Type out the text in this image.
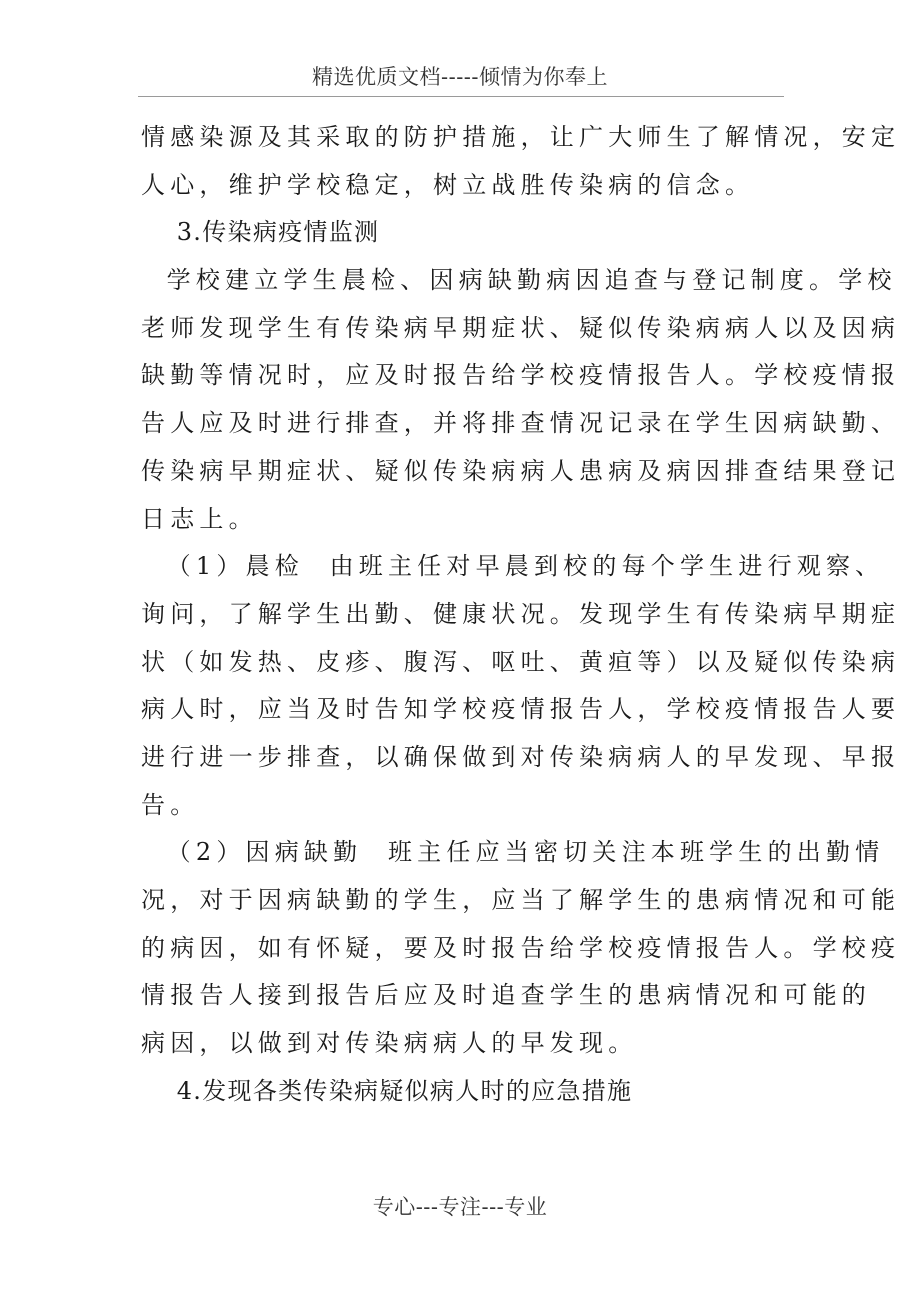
精选优质文档-----倾情为你奉上
情感染源及其采取的防护措施，让广大师生了解情况，安定
人心，维护学校稳定，树立战胜传染病的信念。
3.传染病疫情监测
学校建立学生晨检、因病缺勤病因追查与登记制度。学校
老师发现学生有传染病早期症状、疑似传染病病人以及因病
缺勤等情况时，应及时报告给学校疫情报告人。学校疫情报
告人应及时进行排查，并将排查情况记录在学生因病缺勤、
传染病早期症状、疑似传染病病人患病及病因排查结果登记
日志上。
（1）晨检  由班主任对早晨到校的每个学生进行观察、
询问，了解学生出勤、健康状况。发现学生有传染病早期症
状（如发热、皮疹、腹泻、呕吐、黄疸等）以及疑似传染病
病人时，应当及时告知学校疫情报告人，学校疫情报告人要
进行进一步排查，以确保做到对传染病病人的早发现、早报
告。
（2）因病缺勤  班主任应当密切关注本班学生的出勤情
况，对于因病缺勤的学生，应当了解学生的患病情况和可能
的病因，如有怀疑，要及时报告给学校疫情报告人。学校疫
情报告人接到报告后应及时追查学生的患病情况和可能的
病因，以做到对传染病病人的早发现。
4.发现各类传染病疑似病人时的应急措施
专心---专注---专业
